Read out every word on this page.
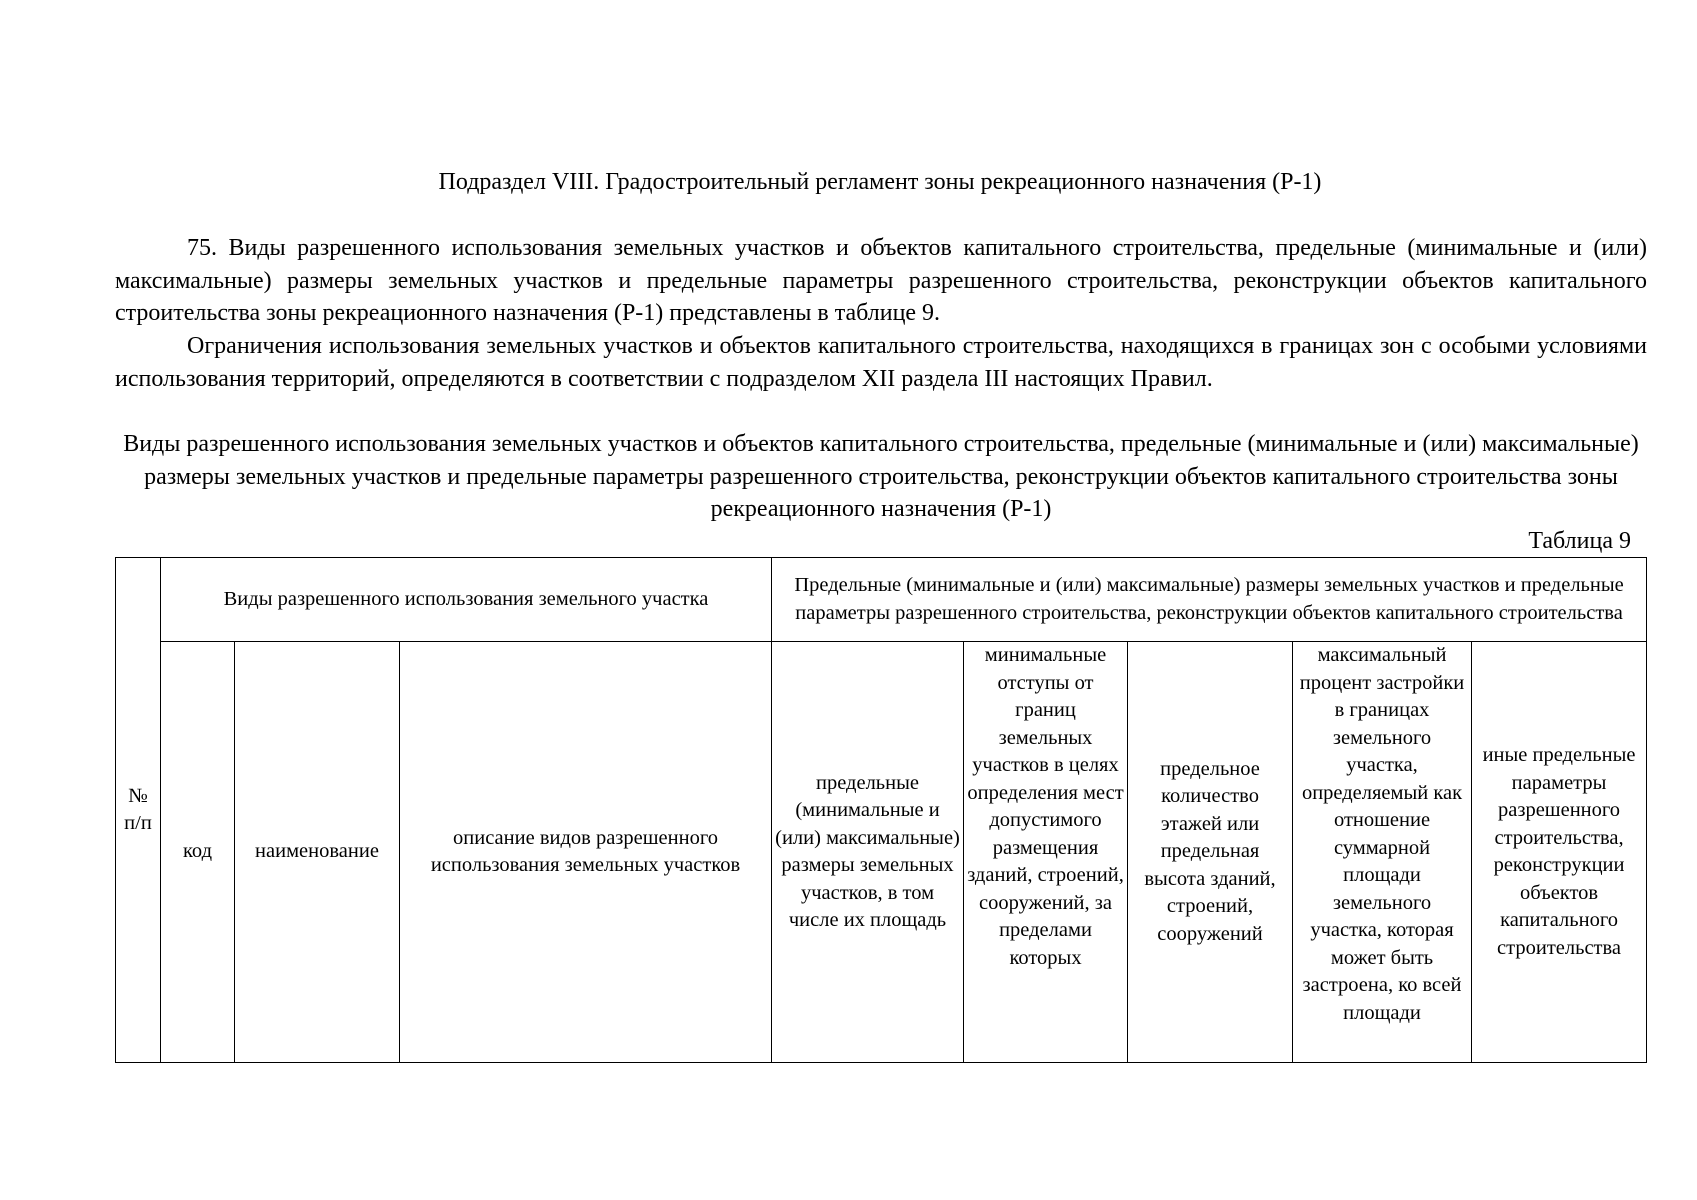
Подраздел VIII. Градостроительный регламент зоны рекреационного назначения (Р-1)
75. Виды разрешенного использования земельных участков и объектов капитального строительства, предельные (минимальные и (или) максимальные) размеры земельных участков и предельные параметры разрешенного строительства, реконструкции объектов капитального строительства зоны рекреационного назначения (Р-1) представлены в таблице 9.
Ограничения использования земельных участков и объектов капитального строительства, находящихся в границах зон с особыми условиями использования территорий, определяются в соответствии с подразделом XII раздела III настоящих Правил.
Виды разрешенного использования земельных участков и объектов капитального строительства, предельные (минимальные и (или) максимальные) размеры земельных участков и предельные параметры разрешенного строительства, реконструкции объектов капитального строительства зоны рекреационного назначения (Р-1)
Таблица 9
№ п/п	Виды разрешенного использования земельного участка			Предельные (минимальные и (или) максимальные) размеры земельных участков и предельные параметры разрешенного строительства, реконструкции объектов капитального строительства				
	код	наименование	описание видов разрешенного использования земельных участков	предельные (минимальные и (или) максимальные) размеры земельных участков, в том числе их площадь	минимальные отступы от границ земельных участков в целях определения мест допустимого размещения зданий, строений, сооружений, за пределами которых	предельное количество этажей или предельная высота зданий, строений, сооружений	максимальный процент застройки в границах земельного участка, определяемый как отношение суммарной площади земельного участка, которая может быть застроена, ко всей площади	иные предельные параметры разрешенного строительства, реконструкции объектов капитального строительства
